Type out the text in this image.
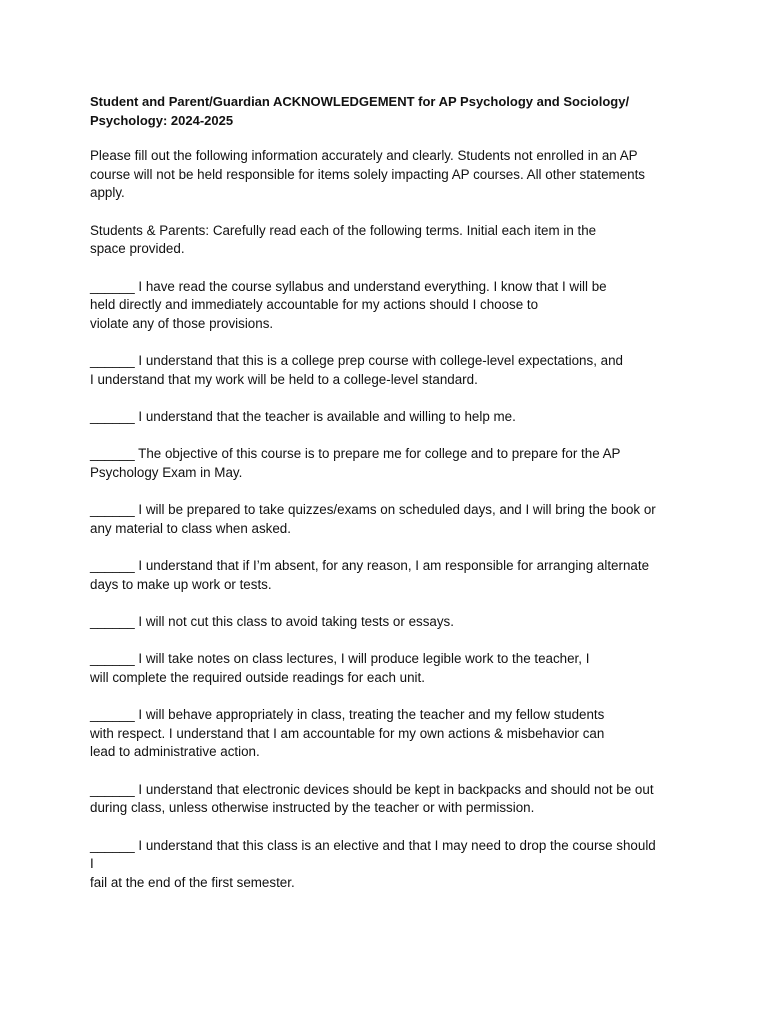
Student and Parent/Guardian ACKNOWLEDGEMENT for AP Psychology and Sociology/
Psychology: 2024-2025
Please fill out the following information accurately and clearly. Students not enrolled in an AP
course will not be held responsible for items solely impacting AP courses. All other statements
apply.
Students & Parents: Carefully read each of the following terms. Initial each item in the
space provided.
______ I have read the course syllabus and understand everything. I know that I will be
held directly and immediately accountable for my actions should I choose to
violate any of those provisions.
______ I understand that this is a college prep course with college-level expectations, and
I understand that my work will be held to a college-level standard.
______ I understand that the teacher is available and willing to help me.
______ The objective of this course is to prepare me for college and to prepare for the AP
Psychology Exam in May.
______ I will be prepared to take quizzes/exams on scheduled days, and I will bring the book or
any material to class when asked.
______ I understand that if I’m absent, for any reason, I am responsible for arranging alternate
days to make up work or tests.
______ I will not cut this class to avoid taking tests or essays.
______ I will take notes on class lectures, I will produce legible work to the teacher, I
will complete the required outside readings for each unit.
______ I will behave appropriately in class, treating the teacher and my fellow students
with respect. I understand that I am accountable for my own actions & misbehavior can
lead to administrative action.
______ I understand that electronic devices should be kept in backpacks and should not be out
during class, unless otherwise instructed by the teacher or with permission.
______ I understand that this class is an elective and that I may need to drop the course should
I
fail at the end of the first semester.
